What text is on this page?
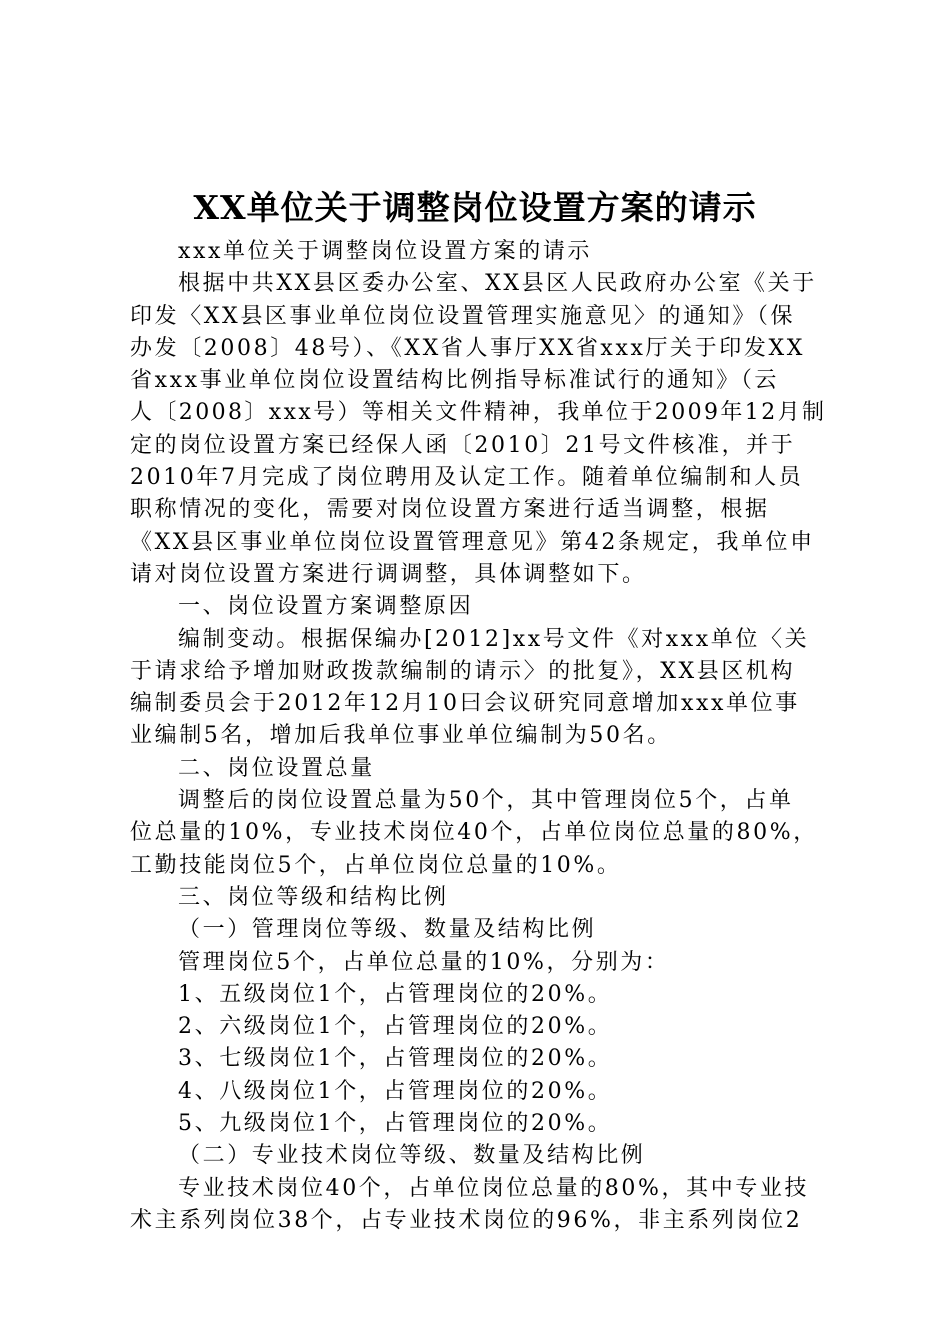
XX单位关于调整岗位设置方案的请示
xxx单位关于调整岗位设置方案的请示
根据中共XX县区委办公室、XX县区人民政府办公室《关于
印发〈XX县区事业单位岗位设置管理实施意见〉的通知》（保
办发〔2008〕48号）、《XX省人事厅XX省xxx厅关于印发XX
省xxx事业单位岗位设置结构比例指导标准试行的通知》（云
人〔2008〕xxx号）等相关文件精神，我单位于2009年12月制
定的岗位设置方案已经保人函〔2010〕21号文件核准，并于
2010年7月完成了岗位聘用及认定工作。随着单位编制和人员
职称情况的变化，需要对岗位设置方案进行适当调整，根据
《XX县区事业单位岗位设置管理意见》第42条规定，我单位申
请对岗位设置方案进行调调整，具体调整如下。
一、岗位设置方案调整原因
编制变动。根据保编办[2012]xx号文件《对xxx单位〈关
于请求给予增加财政拨款编制的请示〉的批复》，XX县区机构
编制委员会于2012年12月10曰会议研究同意增加xxx单位事
业编制5名，增加后我单位事业单位编制为50名。
二、岗位设置总量
调整后的岗位设置总量为50个，其中管理岗位5个，占单
位总量的10%，专业技术岗位40个，占单位岗位总量的80%，
工勤技能岗位5个，占单位岗位总量的10%。
三、岗位等级和结构比例
（一）管理岗位等级、数量及结构比例
管理岗位5个，占单位总量的10%，分别为：
1、五级岗位1个，占管理岗位的20%。
2、六级岗位1个，占管理岗位的20%。
3、七级岗位1个，占管理岗位的20%。
4、八级岗位1个，占管理岗位的20%。
5、九级岗位1个，占管理岗位的20%。
（二）专业技术岗位等级、数量及结构比例
专业技术岗位40个，占单位岗位总量的80%，其中专业技
术主系列岗位38个，占专业技术岗位的96%，非主系列岗位2
